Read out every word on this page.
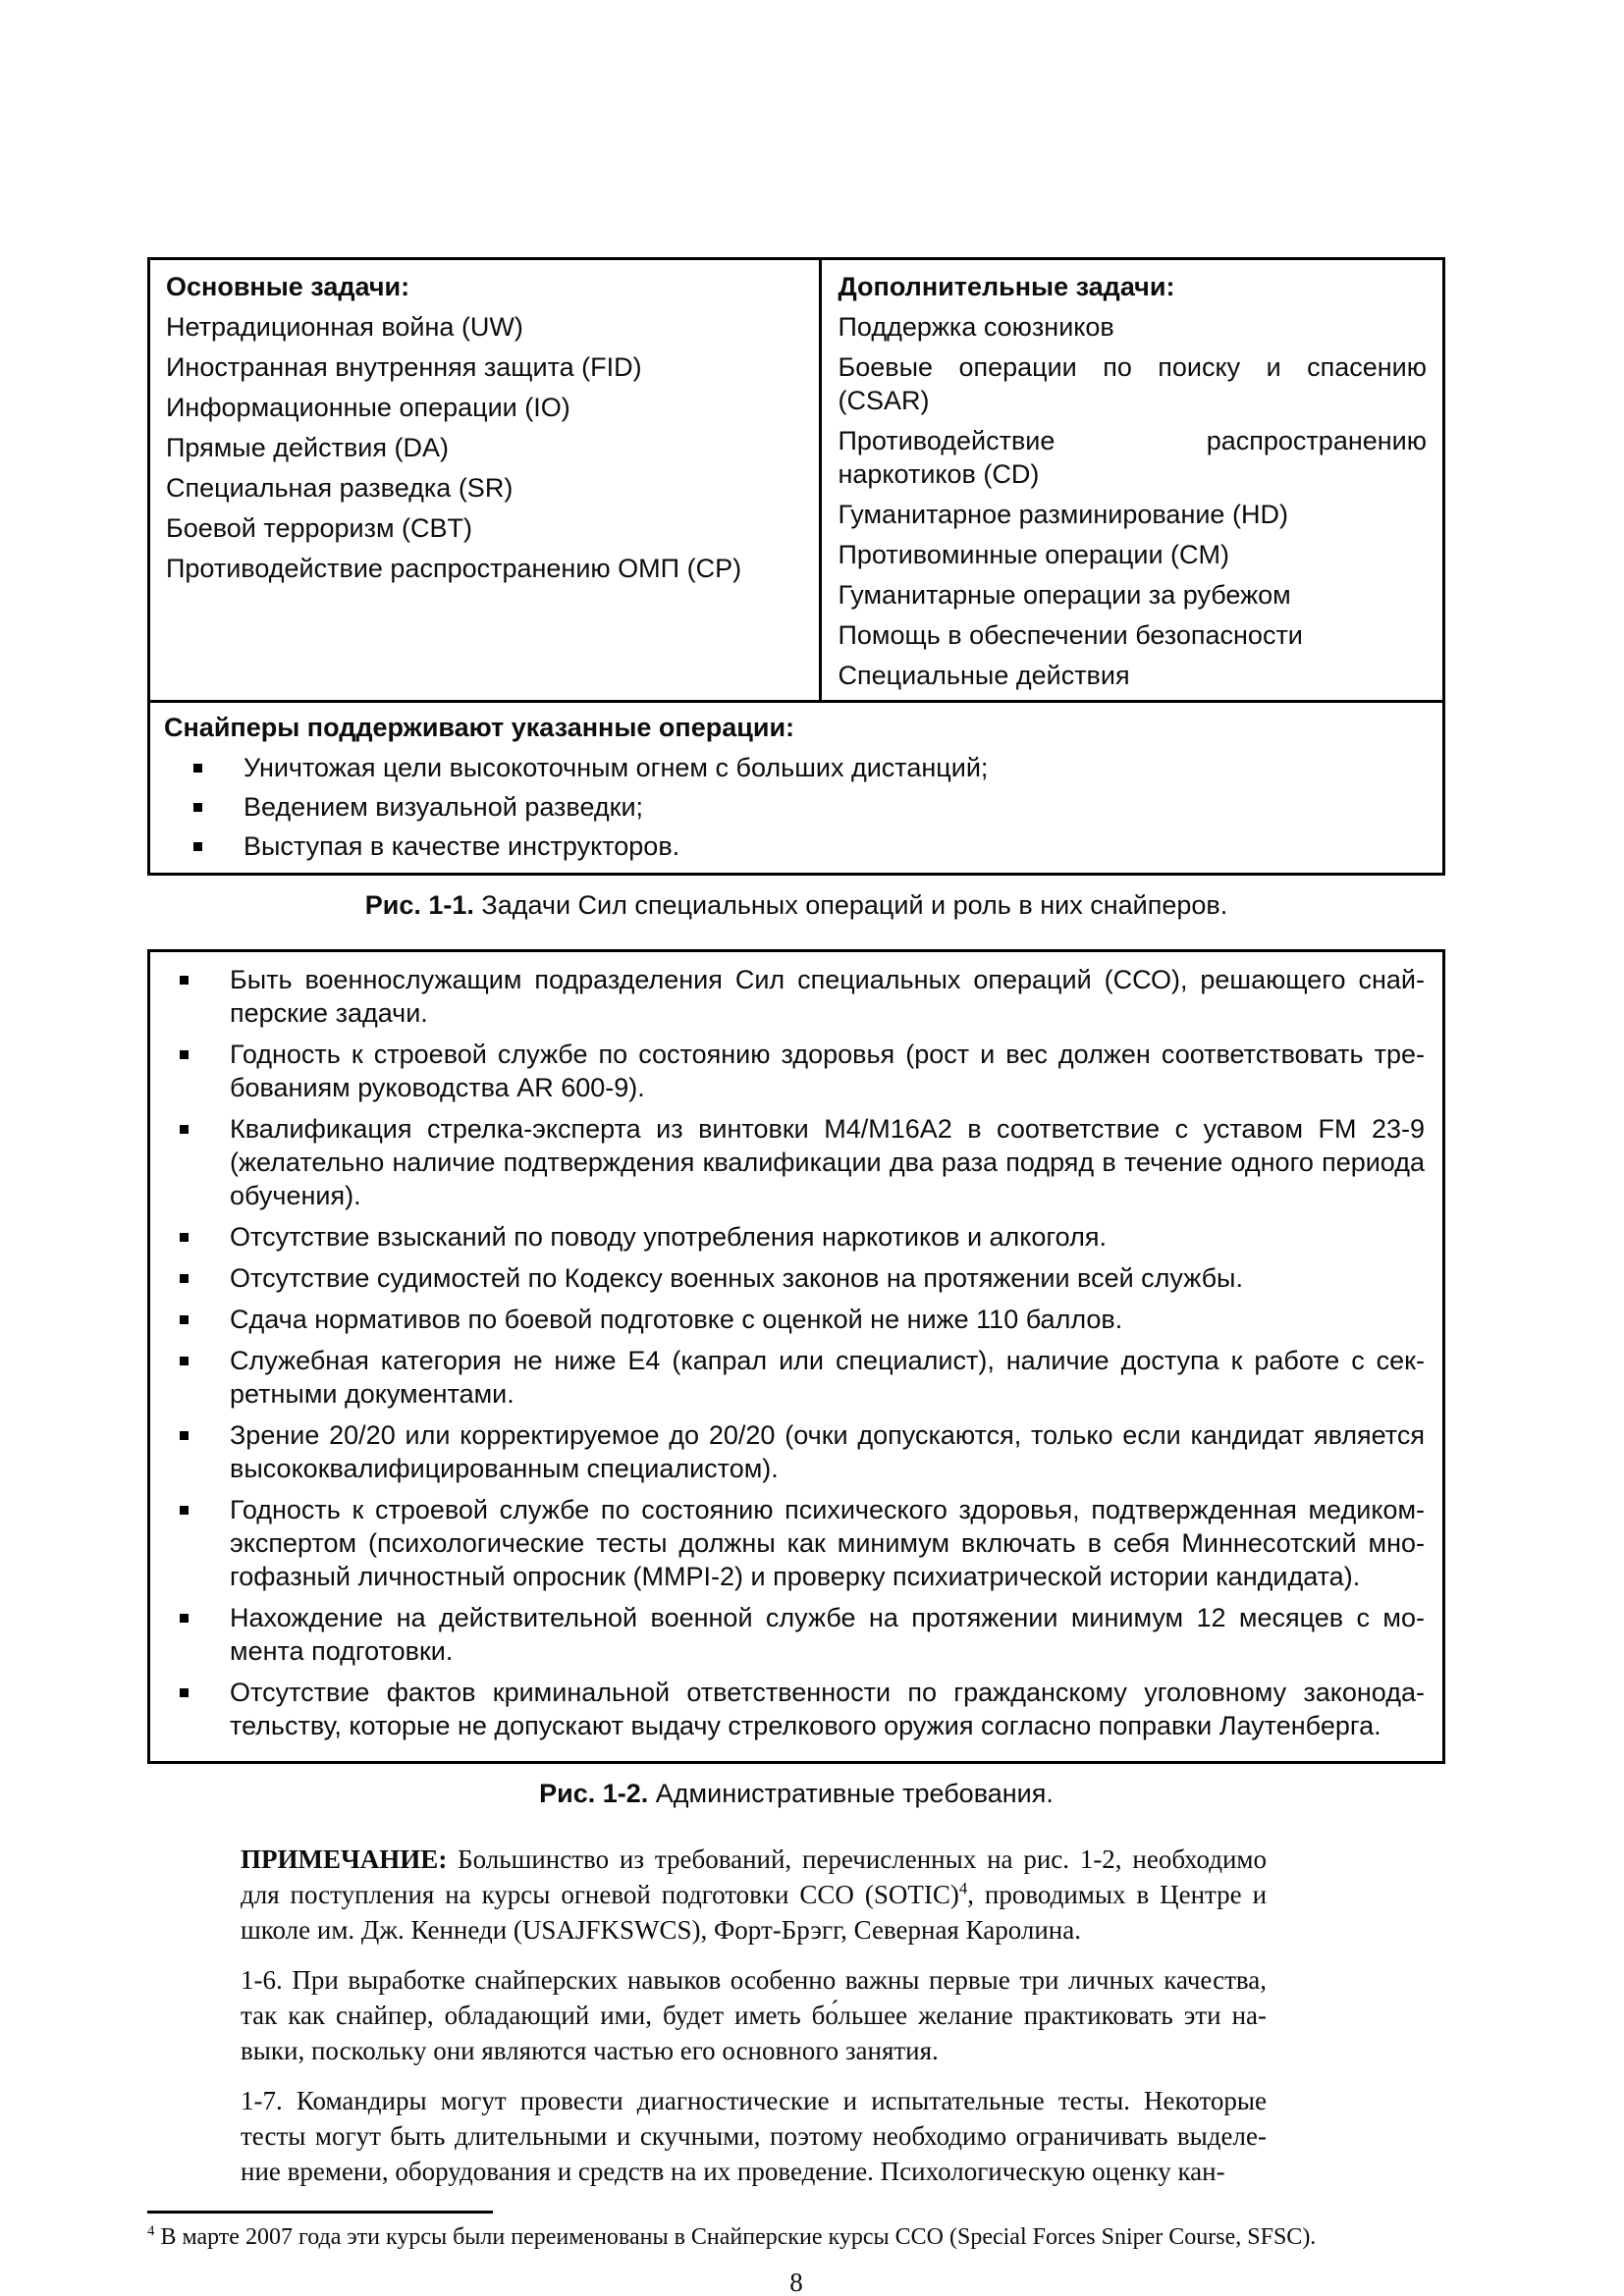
Основные задачи:
Нетрадиционная война (UW)
Иностранная внутренняя защита (FID)
Информационные операции (IO)
Прямые действия (DA)
Специальная разведка (SR)
Боевой терроризм (CBT)
Противодействие распространению ОМП (CP)
Дополнительные задачи:
Поддержка союзников
Боевые операции по поиску и спасению (CSAR)
Противодействие распространению наркотиков (CD)
Гуманитарное разминирование (HD)
Противоминные операции (CM)
Гуманитарные операции за рубежом
Помощь в обеспечении безопасности
Специальные действия
Снайперы поддерживают указанные операции:
Уничтожая цели высокоточным огнем с больших дистанций;
Ведением визуальной разведки;
Выступая в качестве инструкторов.
Рис. 1-1. Задачи Сил специальных операций и роль в них снайперов.
Быть военнослужащим подразделения Сил специальных операций (ССО), решающего снайперские задачи.
Годность к строевой службе по состоянию здоровья (рост и вес должен соответствовать требованиям руководства AR 600-9).
Квалификация стрелка-эксперта из винтовки М4/М16А2 в соответствие с уставом FM 23-9 (желательно наличие подтверждения квалификации два раза подряд в течение одного периода обучения).
Отсутствие взысканий по поводу употребления наркотиков и алкоголя.
Отсутствие судимостей по Кодексу военных законов на протяжении всей службы.
Сдача нормативов по боевой подготовке с оценкой не ниже 110 баллов.
Служебная категория не ниже Е4 (капрал или специалист), наличие доступа к работе с секретными документами.
Зрение 20/20 или корректируемое до 20/20 (очки допускаются, только если кандидат является высококвалифицированным специалистом).
Годность к строевой службе по состоянию психического здоровья, подтвержденная медиком-экспертом (психологические тесты должны как минимум включать в себя Миннесотский многофазный личностный опросник (MMPI-2) и проверку психиатрической истории кандидата).
Нахождение на действительной военной службе на протяжении минимум 12 месяцев с момента подготовки.
Отсутствие фактов криминальной ответственности по гражданскому уголовному законодательству, которые не допускают выдачу стрелкового оружия согласно поправки Лаутенберга.
Рис. 1-2. Административные требования.

ПРИМЕЧАНИЕ: Большинство из требований, перечисленных на рис. 1-2, необходимо для поступления на курсы огневой подготовки ССО (SOTIC)$^4$, проводимых в Центре и школе им. Дж. Кеннеди (USAJFKSWCS), Форт-Брэгг, Северная Каролина.

1-6. При выработке снайперских навыков особенно важны первые три личных качества, так как снайпер, обладающий ими, будет иметь бо́льшее желание практиковать эти навыки, поскольку они являются частью его основного занятия.

1-7. Командиры могут провести диагностические и испытательные тесты. Некоторые тесты могут быть длительными и скучными, поэтому необходимо ограничивать выделение времени, оборудования и средств на их проведение. Психологическую оценку кан-

$^4$ В марте 2007 года эти курсы были переименованы в Снайперские курсы ССО (Special Forces Sniper Course, SFSC).
8
